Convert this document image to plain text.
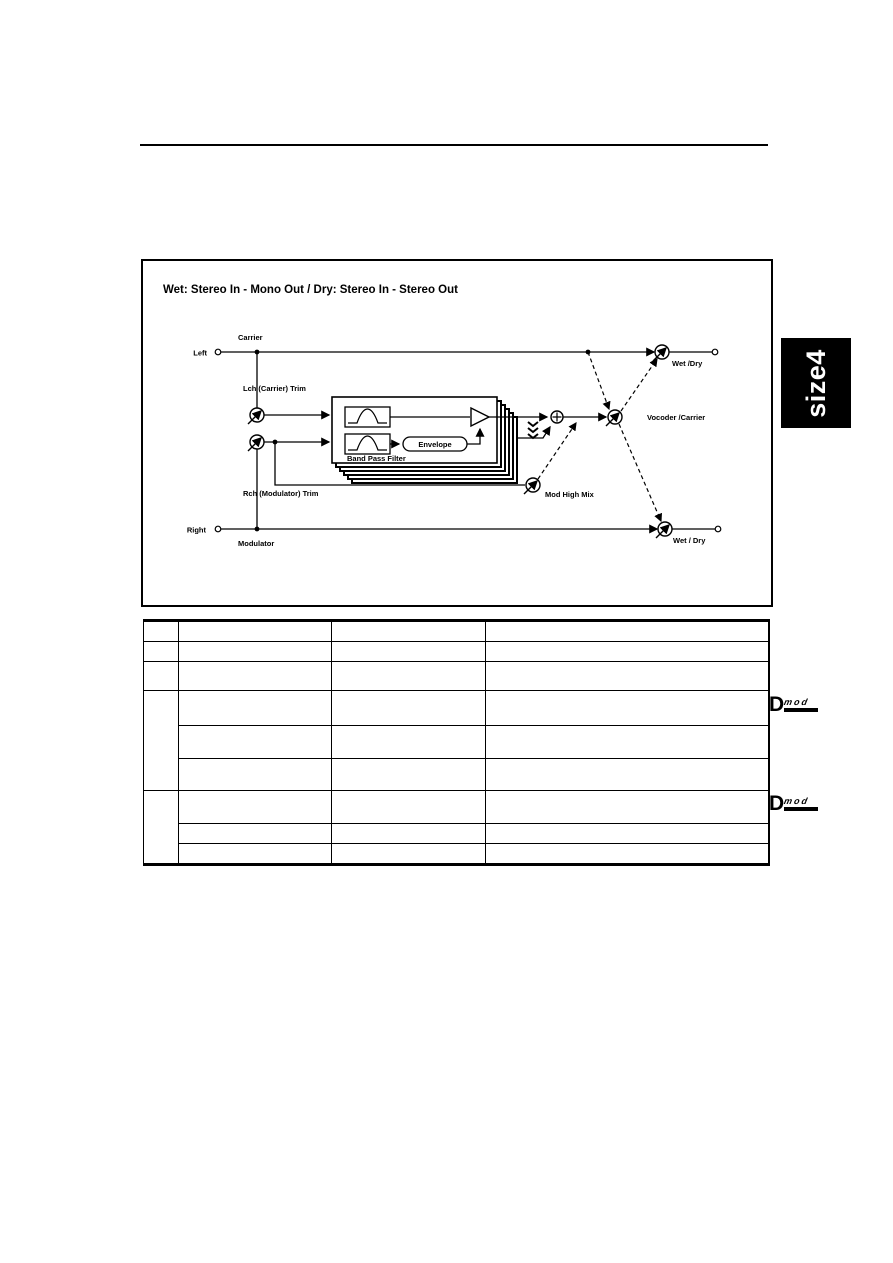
Wet: Stereo In - Mono Out / Dry: Stereo In - Stereo Out
Envelope
Left
Carrier
Lch (Carrier) Trim
Rch (Modulator) Trim
Band Pass Filter
Mod High Mix
Vocoder /Carrier
Wet /Dry
Wet / Dry
Right
Modulator
size4

D mod
D mod
